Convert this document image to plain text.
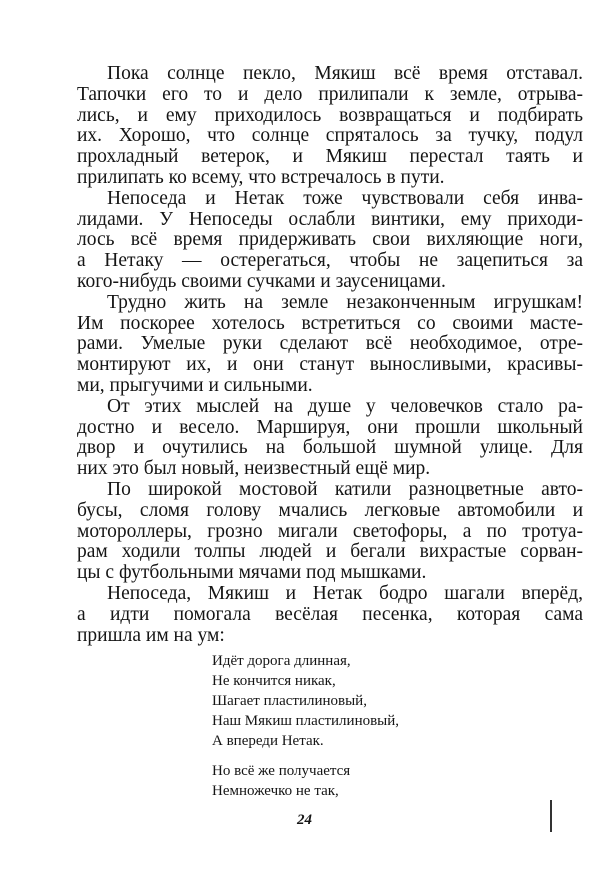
Пока солнце пекло, Мякиш всё время отставал.
Тапочки его то и дело прилипали к земле, отрыва-
лись, и ему приходилось возвращаться и подбирать
их. Хорошо, что солнце спряталось за тучку, подул
прохладный ветерок, и Мякиш перестал таять и
прилипать ко всему, что встречалось в пути.
Непоседа и Нетак тоже чувствовали себя инва-
лидами. У Непоседы ослабли винтики, ему приходи-
лось всё время придерживать свои вихляющие ноги,
а Нетаку — остерегаться, чтобы не зацепиться за
кого-нибудь своими сучками и заусеницами.
Трудно жить на земле незаконченным игрушкам!
Им поскорее хотелось встретиться со своими масте-
рами. Умелые руки сделают всё необходимое, отре-
монтируют их, и они станут выносливыми, красивы-
ми, прыгучими и сильными.
От этих мыслей на душе у человечков стало ра-
достно и весело. Маршируя, они прошли школьный
двор и очутились на большой шумной улице. Для
них это был новый, неизвестный ещё мир.
По широкой мостовой катили разноцветные авто-
бусы, сломя голову мчались легковые автомобили и
мотороллеры, грозно мигали светофоры, а по тротуа-
рам ходили толпы людей и бегали вихрастые сорван-
цы с футбольными мячами под мышками.
Непоседа, Мякиш и Нетак бодро шагали вперёд,
а идти помогала весёлая песенка, которая сама
пришла им на ум:
Идёт дорога длинная,
Не кончится никак,
Шагает пластилиновый,
Наш Мякиш пластилиновый,
А впереди Нетак.
Но всё же получается
Немножечко не так,
24
